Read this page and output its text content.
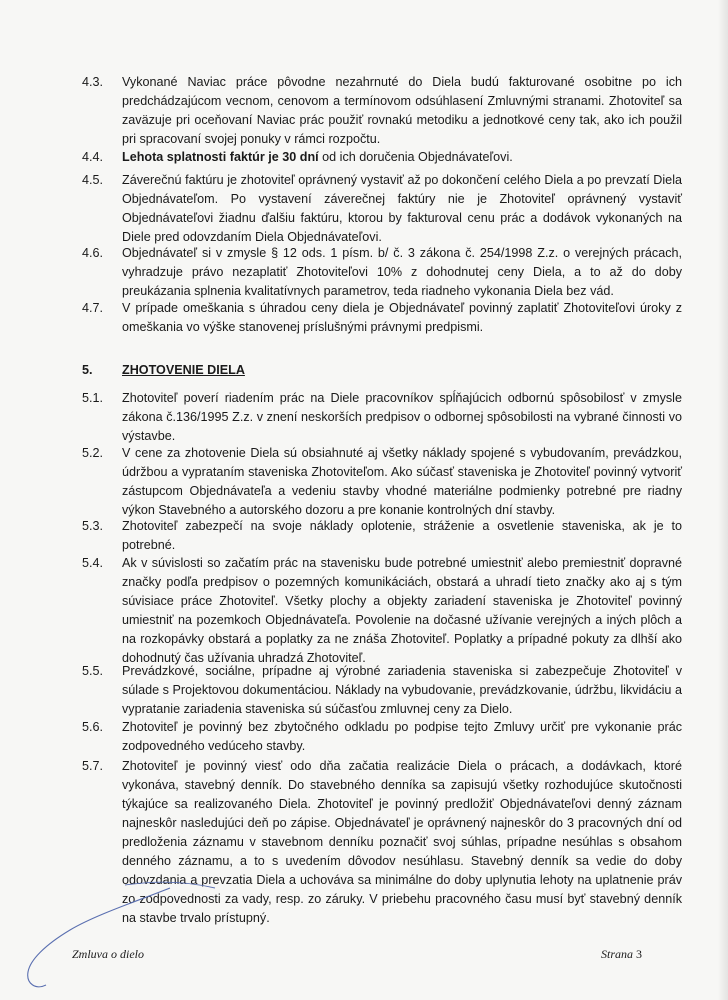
4.3.	Vykonané Naviac práce pôvodne nezahrnuté do Diela budú fakturované osobitne po ich predchádzajúcom vecnom, cenovom a termínovom odsúhlasení Zmluvnými stranami. Zhotoviteľ sa zaväzuje pri oceňovaní Naviac prác použiť rovnakú metodiku a jednotkové ceny tak, ako ich použil pri spracovaní svojej ponuky v rámci rozpočtu.
4.4.	Lehota splatnosti faktúr je 30 dní od ich doručenia Objednávateľovi.
4.5.	Záverečnú faktúru je zhotoviteľ oprávnený vystaviť až po dokončení celého Diela a po prevzatí Diela Objednávateľom. Po vystavení záverečnej faktúry nie je Zhotoviteľ oprávnený vystaviť Objednávateľovi žiadnu ďalšiu faktúru, ktorou by fakturoval cenu prác a dodávok vykonaných na Diele pred odovzdaním Diela Objednávateľovi.
4.6.	Objednávateľ si v zmysle § 12 ods. 1 písm. b/ č. 3 zákona č. 254/1998 Z.z. o verejných prácach, vyhradzuje právo nezaplatiť Zhotoviteľovi 10% z dohodnutej ceny Diela, a to až do doby preukázania splnenia kvalitatívnych parametrov, teda riadneho vykonania Diela bez vád.
4.7.	V prípade omeškania s úhradou ceny diela je Objednávateľ povinný zaplatiť Zhotoviteľovi úroky z omeškania vo výške stanovenej príslušnými právnymi predpismi.
5.	ZHOTOVENIE DIELA
5.1.	Zhotoviteľ poverí riadením prác na Diele pracovníkov spĺňajúcich odbornú spôsobilosť v zmysle zákona č.136/1995 Z.z. v znení neskorších predpisov o odbornej spôsobilosti na vybrané činnosti vo výstavbe.
5.2.	V cene za zhotovenie Diela sú obsiahnuté aj všetky náklady spojené s vybudovaním, prevádzkou, údržbou a vyprataním staveniska Zhotoviteľom. Ako súčasť staveniska je Zhotoviteľ povinný vytvoriť zástupcom Objednávateľa a vedeniu stavby vhodné materiálne podmienky potrebné pre riadny výkon Stavebného a autorského dozoru a pre konanie kontrolných dní stavby.
5.3.	Zhotoviteľ zabezpečí na svoje náklady oplotenie, stráženie a osvetlenie staveniska, ak je to potrebné.
5.4.	Ak v súvislosti so začatím prác na stavenisku bude potrebné umiestniť alebo premiestniť dopravné značky podľa predpisov o pozemných komunikáciách, obstará a uhradí tieto značky ako aj s tým súvisiace práce Zhotoviteľ. Všetky plochy a objekty zariadení staveniska je Zhotoviteľ povinný umiestniť na pozemkoch Objednávateľa. Povolenie na dočasné užívanie verejných a iných plôch a na rozkopávky obstará a poplatky za ne znáša Zhotoviteľ. Poplatky a prípadné pokuty za dlhší ako dohodnutý čas užívania uhradzá Zhotoviteľ.
5.5.	Prevádzkové, sociálne, prípadne aj výrobné zariadenia staveniska si zabezpečuje Zhotoviteľ v súlade s Projektovou dokumentáciou. Náklady na vybudovanie, prevádzkovanie, údržbu, likvidáciu a vypratanie zariadenia staveniska sú súčasťou zmluvnej ceny za Dielo.
5.6.	Zhotoviteľ je povinný bez zbytočného odkladu po podpise tejto Zmluvy určiť pre vykonanie prác zodpovedného vedúceho stavby.
5.7.	Zhotoviteľ je povinný viesť odo dňa začatia realizácie Diela o prácach, a dodávkach, ktoré vykonáva, stavebný denník. Do stavebného denníka sa zapisujú všetky rozhodujúce skutočnosti týkajúce sa realizovaného Diela. Zhotoviteľ je povinný predložiť Objednávateľovi denný záznam najneskôr nasledujúci deň po zápise. Objednávateľ je oprávnený najneskôr do 3 pracovných dní od predloženia záznamu v stavebnom denníku poznačiť svoj súhlas, prípadne nesúhlas s obsahom denného záznamu, a to s uvedením dôvodov nesúhlasu. Stavebný denník sa vedie do doby odovzdania a prevzatia Diela a uchováva sa minimálne do doby uplynutia lehoty na uplatnenie práv zo zodpovednosti za vady, resp. zo záruky. V priebehu pracovného času musí byť stavebný denník na stavbe trvalo prístupný.
Zmluva o dielo	Strana 3
